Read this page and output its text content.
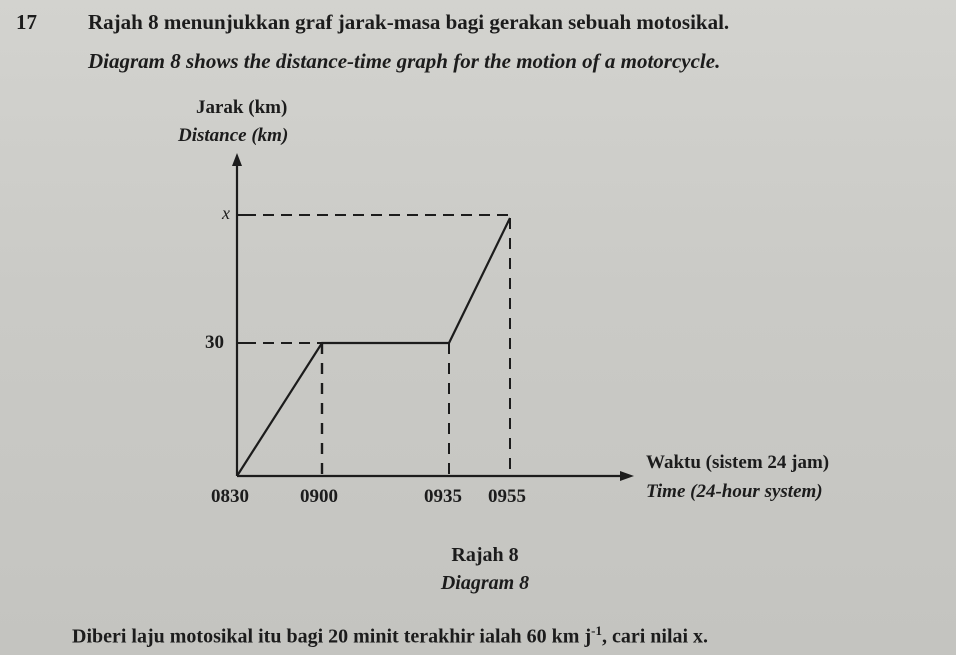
17 Rajah 8 menunjukkan graf jarak-masa bagi gerakan sebuah motosikal.
Diagram 8 shows the distance-time graph for the motion of a motorcycle.
Jarak (km)
Distance (km)
x
30
0830	0900	0935 0955
Waktu (sistem 24 jam)
Time (24-hour system)
Rajah 8
Diagram 8
Diberi laju motosikal itu bagi 20 minit terakhir ialah 60 km $j^{-1}$, cari nilai x.
